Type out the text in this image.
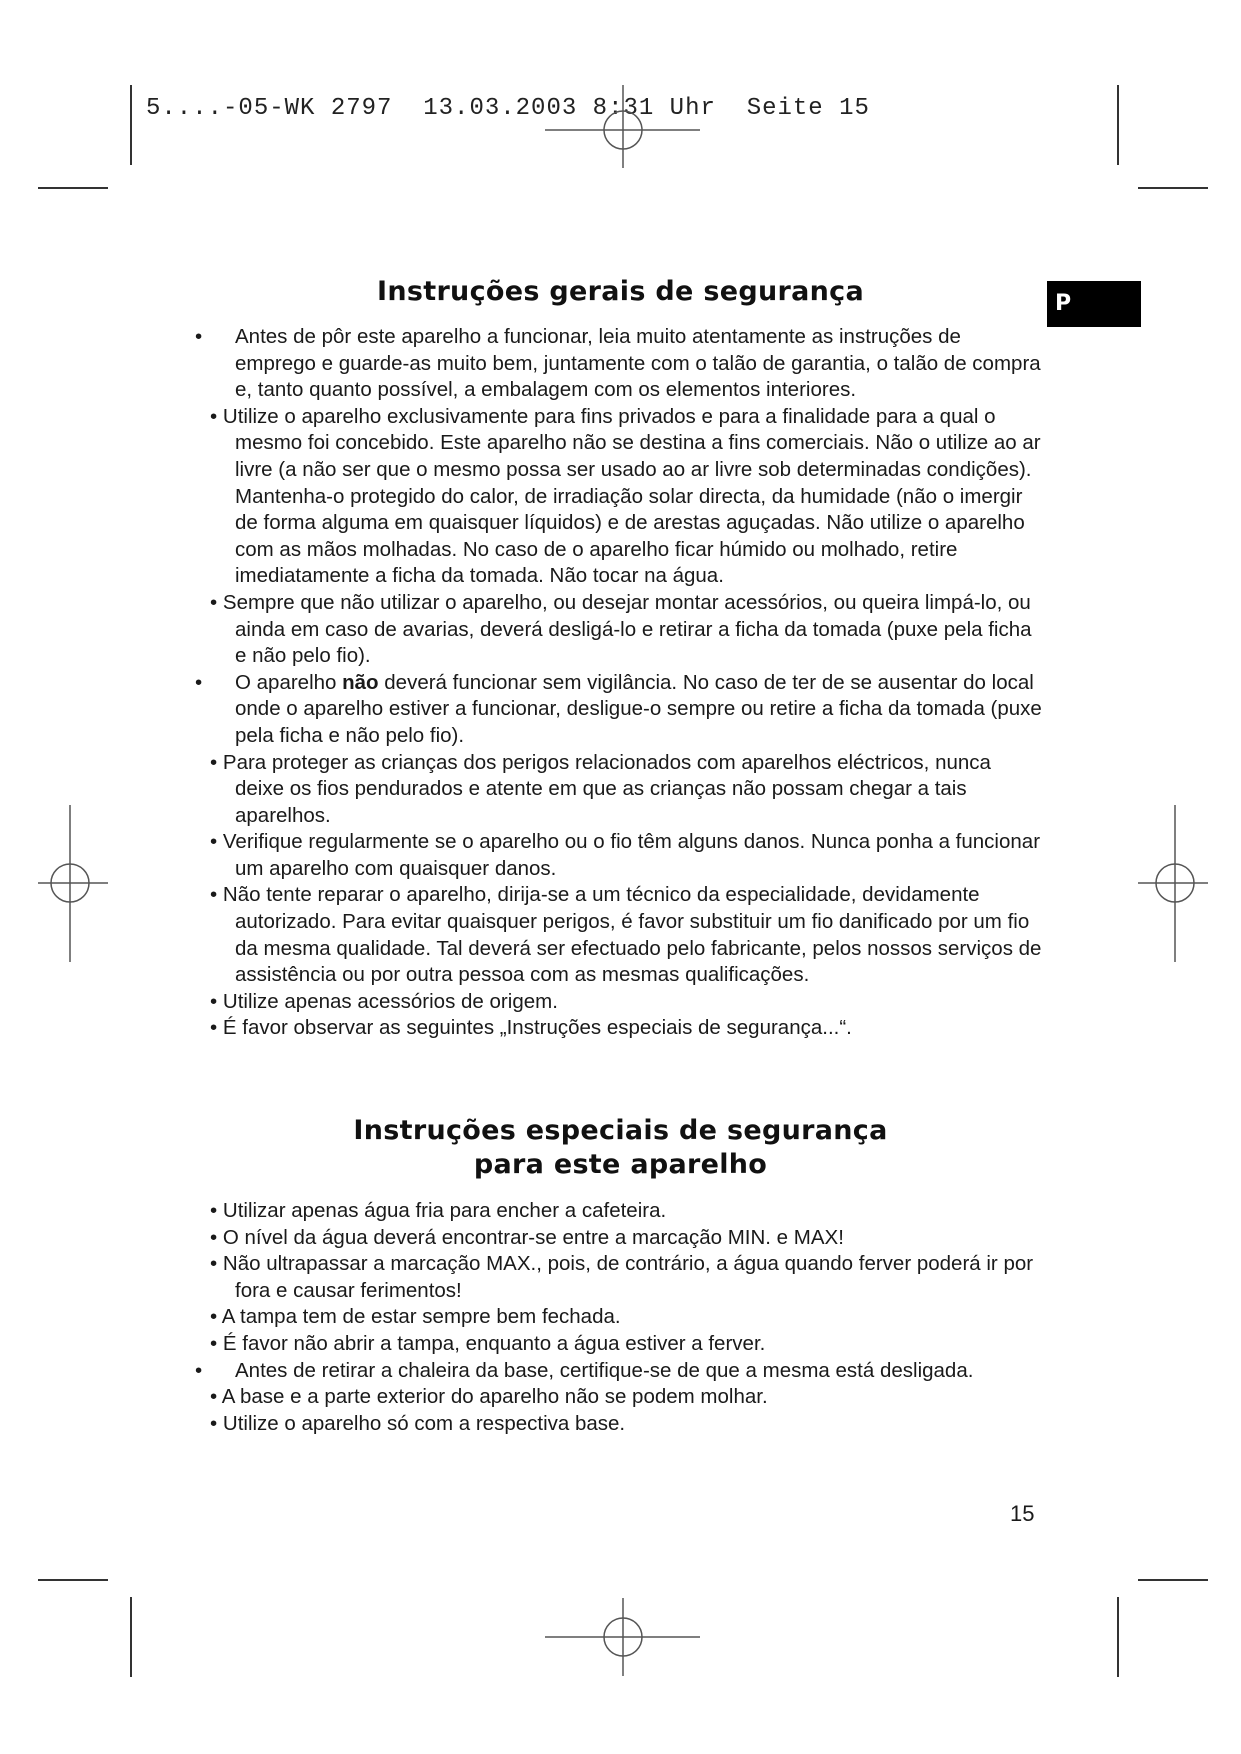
5....-05-WK 2797  13.03.2003 8:31 Uhr  Seite 15
P
Instruções gerais de segurança
• Antes de pôr este aparelho a funcionar, leia muito atentamente as instruções de emprego e guarde-as muito bem, juntamente com o talão de garantia, o talão de compra e, tanto quanto possível, a embalagem com os elementos interiores.
• Utilize o aparelho exclusivamente para fins privados e para a finalidade para a qual o mesmo foi concebido. Este aparelho não se destina a fins comerciais. Não o utilize ao ar livre (a não ser que o mesmo possa ser usado ao ar livre sob determinadas condições). Mantenha-o protegido do calor, de irradiação solar directa, da humidade (não o imergir de forma alguma em quaisquer líquidos) e de arestas aguçadas. Não utilize o aparelho com as mãos molhadas. No caso de o aparelho ficar húmido ou molhado, retire imediatamente a ficha da tomada. Não tocar na água.
• Sempre que não utilizar o aparelho, ou desejar montar acessórios, ou queira limpá-lo, ou ainda em caso de avarias, deverá desligá-lo e retirar a ficha da tomada (puxe pela ficha e não pelo fio).
• O aparelho não deverá funcionar sem vigilância. No caso de ter de se ausentar do local onde o aparelho estiver a funcionar, desligue-o sempre ou retire a ficha da tomada (puxe pela ficha e não pelo fio).
• Para proteger as crianças dos perigos relacionados com aparelhos eléctricos, nunca deixe os fios pendurados e atente em que as crianças não possam chegar a tais aparelhos.
• Verifique regularmente se o aparelho ou o fio têm alguns danos. Nunca ponha a funcionar um aparelho com quaisquer danos.
• Não tente reparar o aparelho, dirija-se a um técnico da especialidade, devidamente autorizado. Para evitar quaisquer perigos, é favor substituir um fio danificado por um fio da mesma qualidade. Tal deverá ser efectuado pelo fabricante, pelos nossos serviços de assistência ou por outra pessoa com as mesmas qualificações.
• Utilize apenas acessórios de origem.
• É favor observar as seguintes „Instruções especiais de segurança...“.
Instruções especiais de segurança
para este aparelho
• Utilizar apenas água fria para encher a cafeteira.
• O nível da água deverá encontrar-se entre a marcação MIN. e MAX!
• Não ultrapassar a marcação MAX., pois, de contrário, a água quando ferver poderá ir por fora e causar ferimentos!
• A tampa tem de estar sempre bem fechada.
• É favor não abrir a tampa, enquanto a água estiver a ferver.
• Antes de retirar a chaleira da base, certifique-se de que a mesma está desligada.
• A base e a parte exterior do aparelho não se podem molhar.
• Utilize o aparelho só com a respectiva base.
15
